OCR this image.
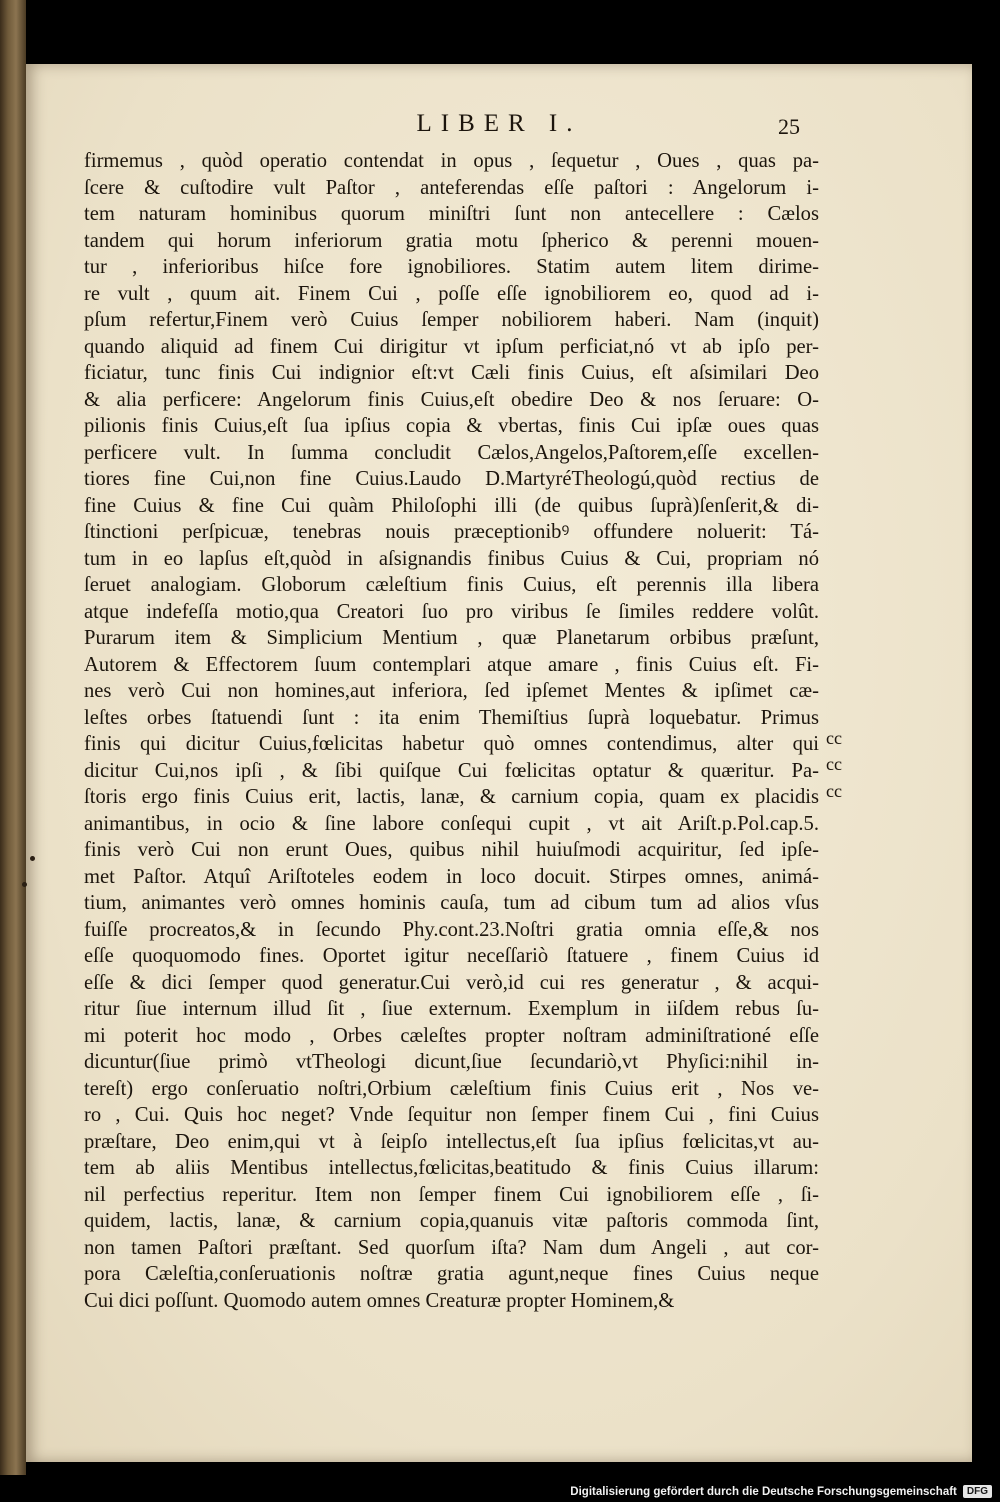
LIBER I.	25
firmemus , quòd operatio contendat in opus , ſequetur , Oues , quas pa-
ſcere & cuſtodire vult Paſtor , anteferendas eſſe paſtori : Angelorum i-
tem naturam hominibus quorum miniſtri ſunt non antecellere : Cælos
tandem qui horum inferiorum gratia motu ſpherico & perenni mouen-
tur , inferioribus hiſce fore ignobiliores. Statim autem litem dirime-
re vult , quum ait. Finem Cui , poſſe eſſe ignobiliorem eo, quod ad i-
pſum refertur,Finem verò Cuius ſemper nobiliorem haberi. Nam (inquit)
quando aliquid ad finem Cui dirigitur vt ipſum perficiat,nó vt ab ipſo per-
ficiatur, tunc finis Cui indignior eſt:vt Cæli finis Cuius, eſt aſsimilari Deo
& alia perficere: Angelorum finis Cuius,eſt obedire Deo & nos ſeruare: O-
pilionis finis Cuius,eſt ſua ipſius copia & vbertas, finis Cui ipſæ oues quas
perficere vult. In ſumma concludit Cælos,Angelos,Paſtorem,eſſe excellen-
tiores fine Cui,non fine Cuius.Laudo D.MartyréTheologú,quòd rectius de
fine Cuius & fine Cui quàm Philoſophi illi (de quibus ſuprà)ſenſerit,& di-
ſtinctioni perſpicuæ, tenebras nouis præceptionibꝰ offundere noluerit: Tá-
tum in eo lapſus eſt,quòd in aſsignandis finibus Cuius & Cui, propriam nó
ſeruet analogiam. Globorum cæleſtium finis Cuius, eſt perennis illa libera
atque indefeſſa motio,qua Creatori ſuo pro viribus ſe ſimiles reddere volût.
Purarum item & Simplicium Mentium , quæ Planetarum orbibus præſunt,
Autorem & Effectorem ſuum contemplari atque amare , finis Cuius eſt. Fi-
nes verò Cui non homines,aut inferiora, ſed ipſemet Mentes & ipſimet cæ-
leſtes orbes ſtatuendi ſunt : ita enim Themiſtius ſuprà loquebatur. Primus
finis qui dicitur Cuius,fœlicitas habetur quò omnes contendimus, alter qui
dicitur Cui,nos ipſi , & ſibi quiſque Cui fœlicitas optatur & quæritur. Pa-
ſtoris ergo finis Cuius erit, lactis, lanæ, & carnium copia, quam ex placidis
animantibus, in ocio & ſine labore conſequi cupit , vt ait Ariſt.p.Pol.cap.5.
finis verò Cui non erunt Oues, quibus nihil huiuſmodi acquiritur, ſed ipſe-
met Paſtor. Atquî Ariſtoteles eodem in loco docuit. Stirpes omnes, animá-
tium, animantes verò omnes hominis cauſa, tum ad cibum tum ad alios vſus
fuiſſe procreatos,& in ſecundo Phy.cont.23.Noſtri gratia omnia eſſe,& nos
eſſe quoquomodo fines. Oportet igitur neceſſariò ſtatuere , finem Cuius id
eſſe & dici ſemper quod generatur.Cui verò,id cui res generatur , & acqui-
ritur ſiue internum illud ſit , ſiue externum. Exemplum in iiſdem rebus ſu-
mi poterit hoc modo , Orbes cæleſtes propter noſtram adminiſtrationé eſſe
dicuntur(ſiue primò vtTheologi dicunt,ſiue ſecundariò,vt Phyſici:nihil in-
tereſt) ergo conſeruatio noſtri,Orbium cæleſtium finis Cuius erit , Nos ve-
ro , Cui. Quis hoc neget? Vnde ſequitur non ſemper finem Cui , fini Cuius
præſtare, Deo enim,qui vt à ſeipſo intellectus,eſt ſua ipſius fœlicitas,vt au-
tem ab aliis Mentibus intellectus,fœlicitas,beatitudo & finis Cuius illarum:
nil perfectius reperitur. Item non ſemper finem Cui ignobiliorem eſſe , ſi-
quidem, lactis, lanæ, & carnium copia,quanuis vitæ paſtoris commoda ſint,
non tamen Paſtori præſtant. Sed quorſum iſta? Nam dum Angeli , aut cor-
pora Cæleſtia,conſeruationis noſtræ gratia agunt,neque fines Cuius neque
Cui dici poſſunt. Quomodo autem omnes Creaturæ propter Hominem,&
cc
cc
cc
Digitalisierung gefördert durch die Deutsche Forschungsgemeinschaft	DFG
